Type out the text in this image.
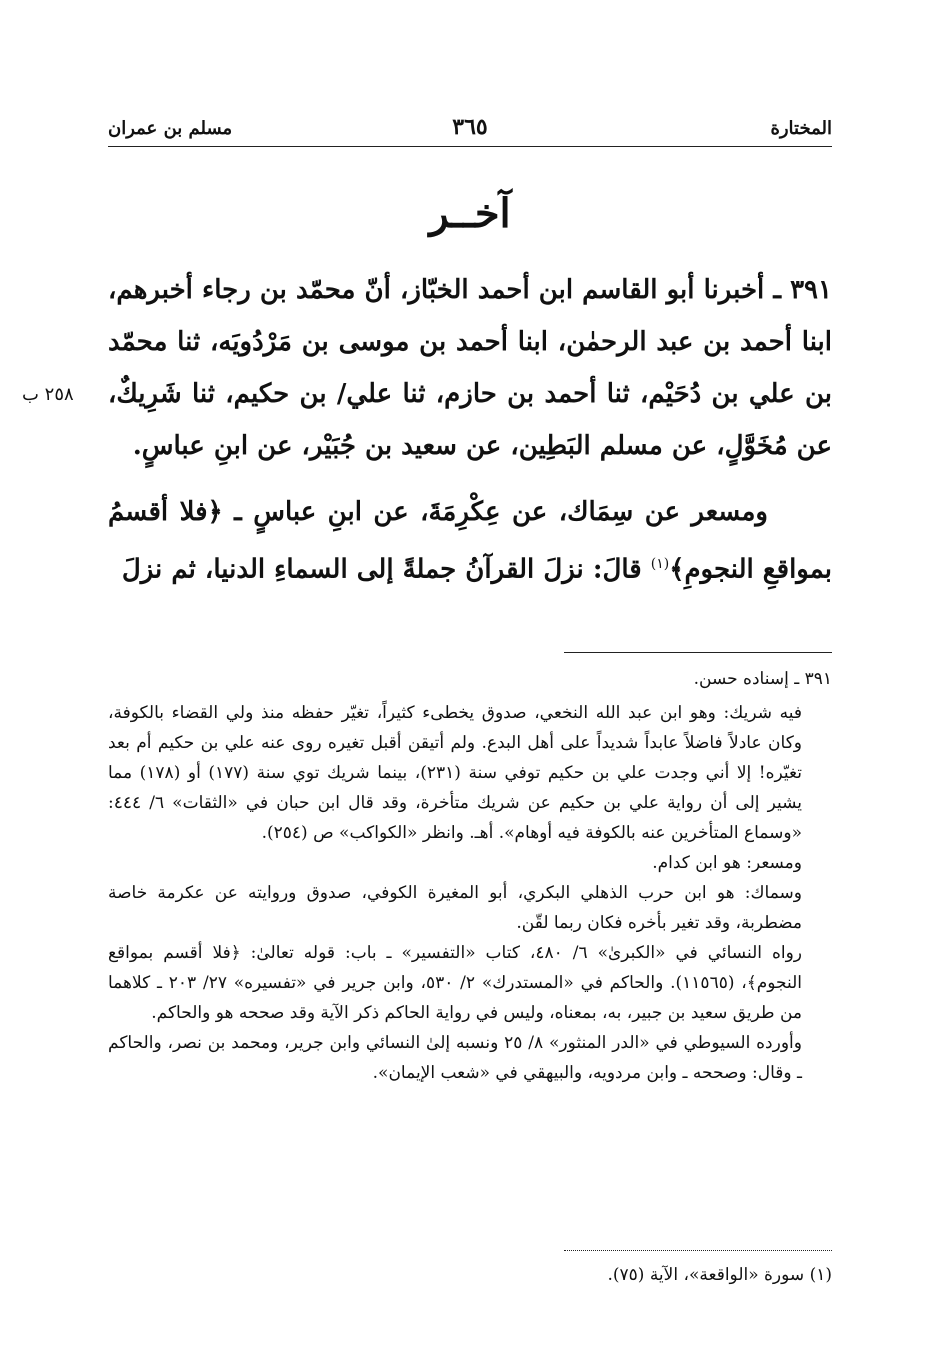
المختارة
٣٦٥
مسلم بن عمران
آخــر
٢٥٨ ب

٣٩١ ـ أخبرنا أبو القاسم ابن أحمد الخبّاز، أنّ محمّد بن رجاء أخبرهم، ابنا أحمد بن عبد الرحمٰن، ابنا أحمد بن موسى بن مَرْدُويَه، ثنا محمّد بن علي بن دُحَيْم، ثنا أحمد بن حازم، ثنا علي/ بن حكيم، ثنا شَرِيكٌ، عن مُخَوَّلٍ، عن مسلم البَطِين، عن سعيد بن جُبَيْر، عن ابنِ عباسٍ.

ومسعر عن سِمَاك، عن عِكْرِمَةَ، عن ابنِ عباسٍ ـ ﴿فلا أقسمُ بمواقعِ النجومِ﴾$^{(١)}$ قالَ: نزلَ القرآنُ جملةً إلى السماءِ الدنيا، ثم نزلَ

٣٩١ ـ إسناده حسن.

فيه شريك: وهو ابن عبد الله النخعي، صدوق يخطىء كثيراً، تغيّر حفظه منذ ولي القضاء بالكوفة، وكان عادلاً فاضلاً عابداً شديداً على أهل البدع. ولم أتيقن أقبل تغيره روى عنه علي بن حكيم أم بعد تغيّره! إلا أني وجدت علي بن حكيم توفي سنة (٢٣١)، بينما شريك توي سنة (١٧٧) أو (١٧٨) مما يشير إلى أن رواية علي بن حكيم عن شريك متأخرة، وقد قال ابن حبان في «الثقات» ٦/ ٤٤٤: «وسماع المتأخرين عنه بالكوفة فيه أوهام». أهـ. وانظر «الكواكب» ص (٢٥٤).

ومسعر: هو ابن كدام.

وسماك: هو ابن حرب الذهلي البكري، أبو المغيرة الكوفي، صدوق وروايته عن عكرمة خاصة مضطربة، وقد تغير بأخره فكان ربما لقّن.

رواه النسائي في «الكبرىٰ» ٦/ ٤٨٠، كتاب «التفسير» ـ باب: قوله تعالىٰ: ﴿فلا أقسم بمواقع النجوم﴾، (١١٥٦٥). والحاكم في «المستدرك» ٢/ ٥٣٠، وابن جرير في «تفسيره» ٢٧/ ٢٠٣ ـ كلاهما من طريق سعيد بن جبير، به، بمعناه، وليس في رواية الحاكم ذكر الآية وقد صححه هو والحاكم.

وأورده السيوطي في «الدر المنثور» ٨/ ٢٥ ونسبه إلىٰ النسائي وابن جرير، ومحمد بن نصر، والحاكم ـ وقال: وصححه ـ وابن مردويه، والبيهقي في «شعب الإيمان».

(١) سورة «الواقعة»، الآية (٧٥).
